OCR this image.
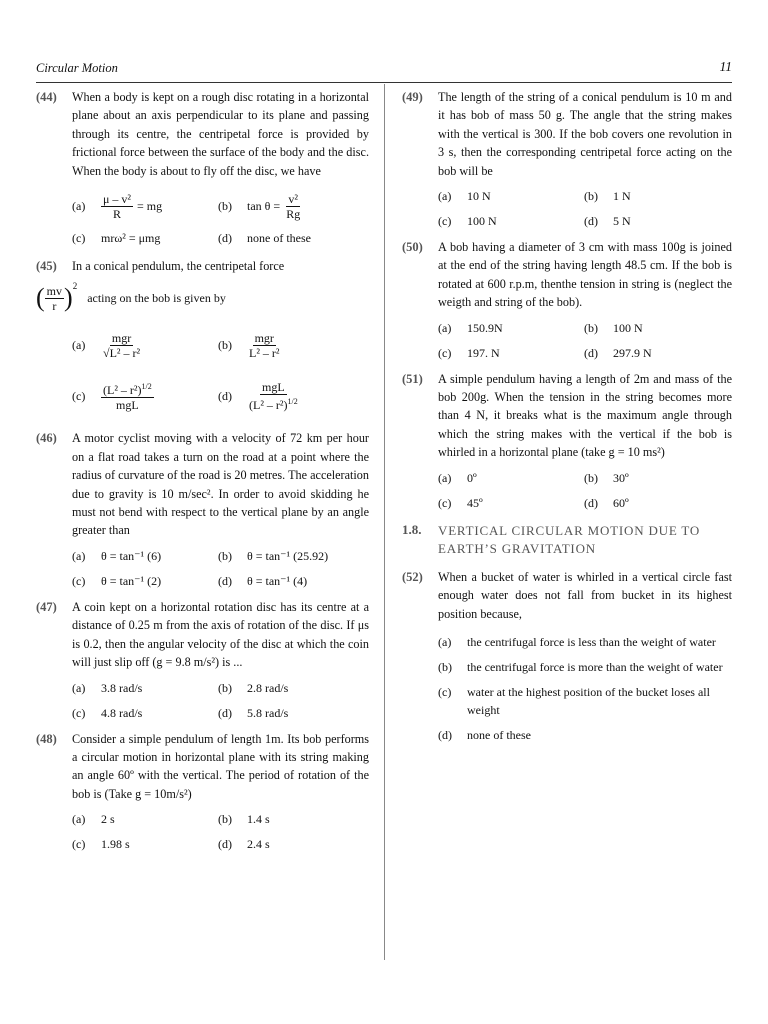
Circular Motion	11
(44)	When a body is kept on a rough disc rotating in a horizontal plane about an axis perpendicular to its plane and passing through its centre, the centripetal force is provided by frictional force between the surface of the body and the disc. When the body is about to fly off the disc, we have
(a)	$\frac{\text{μ – v²}}{R}$ = mg	(b)	$\tan \theta = \frac{\text{v²}}{Rg}$
(c)	mrω² = μmg	(d)	none of these
(45)	In a conical pendulum, the centripetal force
( $\frac{mv}{r} )^2$
acting on the bob is given by
(a)	$\frac{\text{mgr}}{\text{√L² – r²}}$	(b)	$\frac{\text{mgr}}{\text{L² – r²}}$
(c)	$\frac{(L^2 - r^2)^{1/2}}{\text{mgL}}$	(d)	$\frac{\text{mgL}}{(L^2 - r^2)^{1/2}}$
(46)	A motor cyclist moving with a velocity of 72 km per hour on a flat road takes a turn on the road at a point where the radius of curvature of the road is 20 metres. The acceleration due to gravity is 10 m/sec². In order to avoid skidding he must not bend with respect to the vertical plane by an angle greater than
(a)	θ = tan⁻¹ (6)	(b)	θ = tan⁻¹ (25.92)
(c)	θ = tan⁻¹ (2)	(d)	θ = tan⁻¹ (4)
(47)	A coin kept on a horizontal rotation disc has its centre at a distance of 0.25 m from the axis of rotation of the disc. If μs is 0.2, then the angular velocity of the disc at which the coin will just slip off (g = 9.8 m/s²) is ...
(a)	3.8 rad/s	(b)	2.8 rad/s
(c)	4.8 rad/s	(d)	5.8 rad/s
(48)	Consider a simple pendulum of length 1m. Its bob performs a circular motion in horizontal plane with its string making an angle 60º with the vertical. The period of rotation of the bob is (Take g = 10m/s²)
(a)	2 s	(b)	1.4 s
(c)	1.98 s	(d)	2.4 s
(49)	The length of the string of a conical pendulum is 10 m and it has bob of mass 50 g. The angle that the string makes with the vertical is 300. If the bob covers one revolution in 3 s, then the corresponding centripetal force acting on the bob will be
(a)	10 N	(b)	1 N
(c)	100 N	(d)	5 N
(50)	A bob having a diameter of 3 cm with mass 100g is joined at the end of the string having length 48.5 cm. If the bob is rotated at 600 r.p.m, thenthe tension in string is (neglect the weigth and string of the bob).
(a)	150.9N	(b)	100 N
(c)	197. N	(d)	297.9 N
(51)	A simple pendulum having a length of 2m and mass of the bob 200g. When the tension in the string becomes more than 4 N, it breaks what is the maximum angle through which the string makes with the vertical if the bob is whirled in a horizontal plane (take g = 10 ms²)
(a)	0º	(b)	30º
(c)	45º	(d)	60º
1.8.	VERTICAL CIRCULAR MOTION DUE TO EARTH’S GRAVITATION
(52)	When a bucket of water is whirled in a vertical circle fast enough water does not fall from bucket in its highest position because,
(a)	the centrifugal force is less than the weight of water
(b)	the centrifugal force is more than the weight of water
(c)	water at the highest position of the bucket loses all weight
(d)	none of these
